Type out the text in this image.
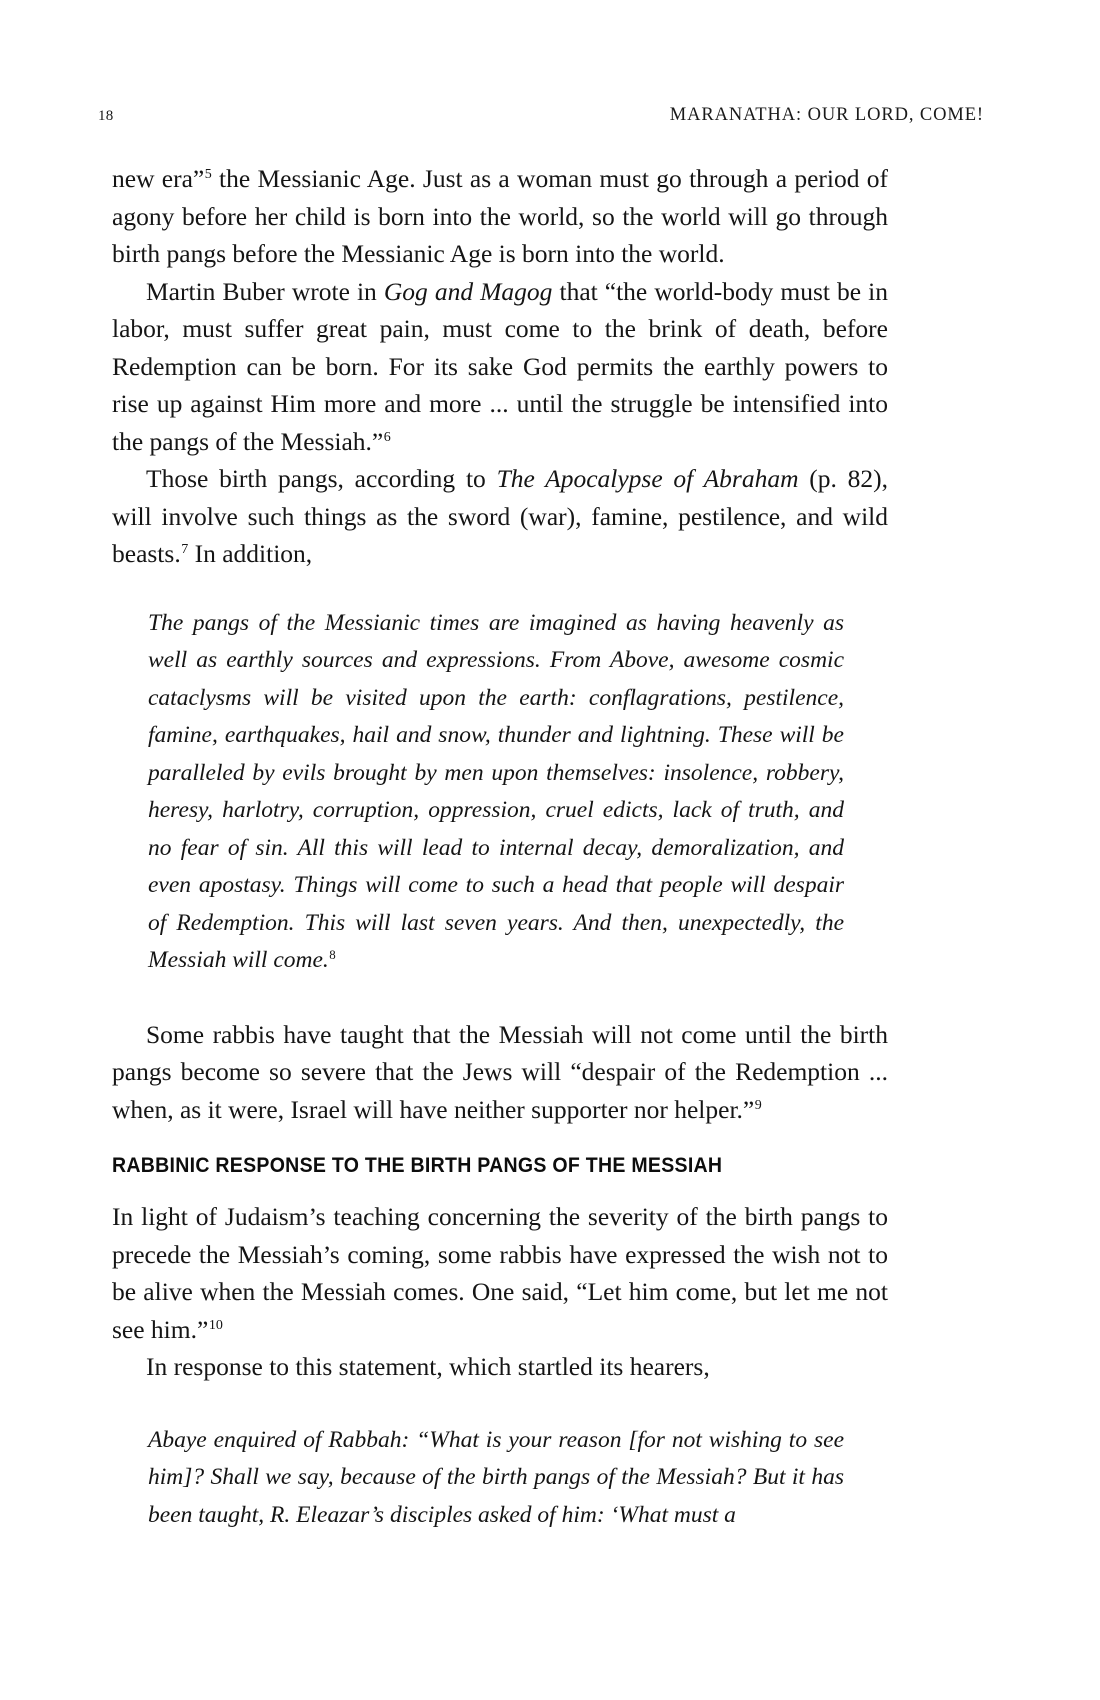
18	MARANATHA: OUR LORD, COME!

new era”$^5$ the Messianic Age. Just as a woman must go through a period of agony before her child is born into the world, so the world will go through birth pangs before the Messianic Age is born into the world.

Martin Buber wrote in Gog and Magog that “the world-body must be in labor, must suffer great pain, must come to the brink of death, before Redemption can be born. For its sake God permits the earthly powers to rise up against Him more and more ... until the struggle be intensified into the pangs of the Messiah.”$^6$

Those birth pangs, according to The Apocalypse of Abraham (p. 82), will involve such things as the sword (war), famine, pestilence, and wild beasts.$^7$ In addition,

The pangs of the Messianic times are imagined as having heavenly as well as earthly sources and expressions. From Above, awesome cosmic cataclysms will be visited upon the earth: conflagrations, pestilence, famine, earthquakes, hail and snow, thunder and lightning. These will be paralleled by evils brought by men upon themselves: insolence, robbery, heresy, harlotry, corruption, oppression, cruel edicts, lack of truth, and no fear of sin. All this will lead to internal decay, demoralization, and even apostasy. Things will come to such a head that people will despair of Redemption. This will last seven years. And then, unexpectedly, the Messiah will come.$^8$

Some rabbis have taught that the Messiah will not come until the birth pangs become so severe that the Jews will “despair of the Redemption ... when, as it were, Israel will have neither supporter nor helper.”$^9$

RABBINIC RESPONSE TO THE BIRTH PANGS OF THE MESSIAH

In light of Judaism’s teaching concerning the severity of the birth pangs to precede the Messiah’s coming, some rabbis have expressed the wish not to be alive when the Messiah comes. One said, “Let him come, but let me not see him.”$^{10}$

In response to this statement, which startled its hearers,

Abaye enquired of Rabbah: “What is your reason [for not wishing to see him]? Shall we say, because of the birth pangs of the Messiah? But it has been taught, R. Eleazar’s disciples asked of him: ‘What must a
